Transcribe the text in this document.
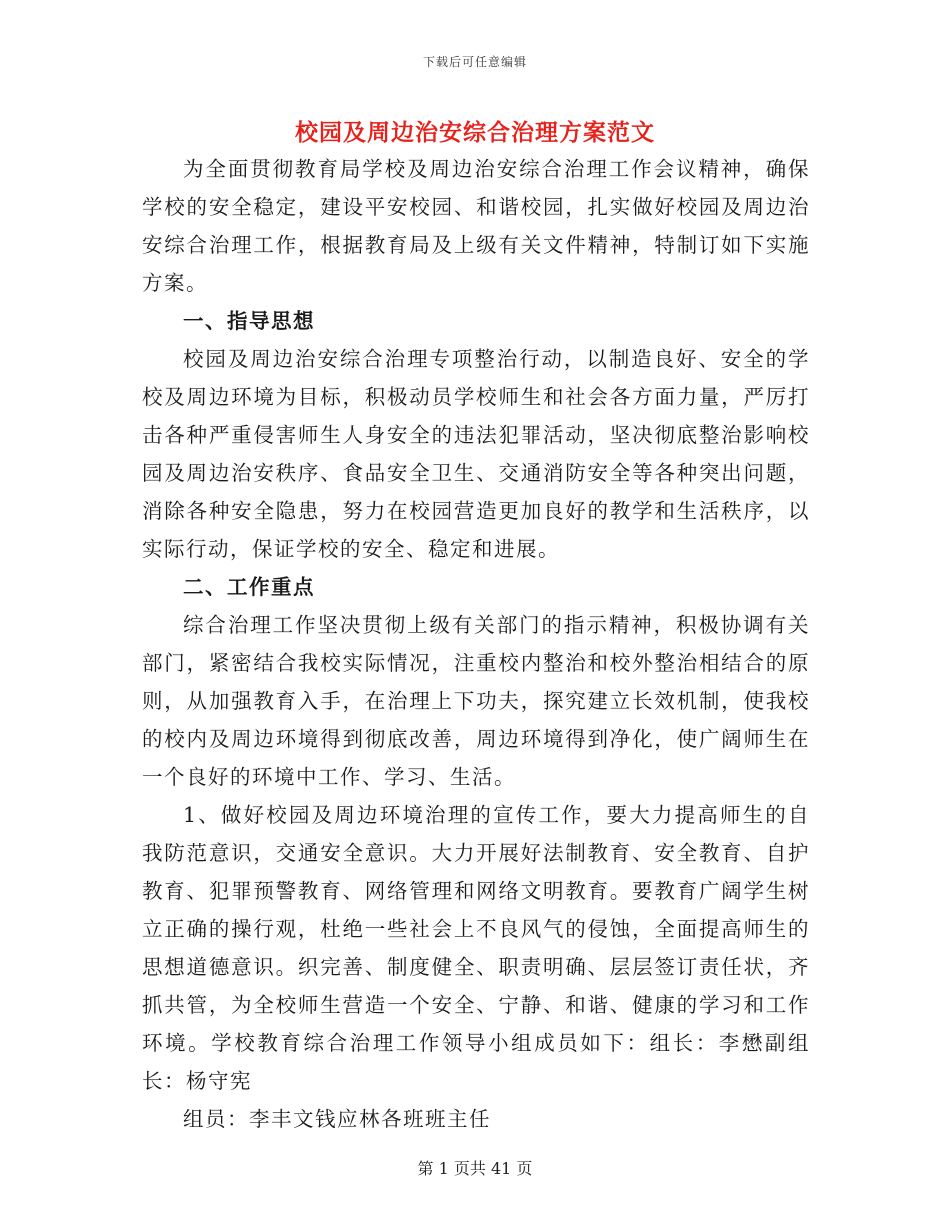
下载后可任意编辑
校园及周边治安综合治理方案范文

为全面贯彻教育局学校及周边治安综合治理工作会议精神，确保学校的安全稳定，建设平安校园、和谐校园，扎实做好校园及周边治安综合治理工作，根据教育局及上级有关文件精神，特制订如下实施方案。

一、指导思想

校园及周边治安综合治理专项整治行动，以制造良好、安全的学校及周边环境为目标，积极动员学校师生和社会各方面力量，严厉打击各种严重侵害师生人身安全的违法犯罪活动，坚决彻底整治影响校园及周边治安秩序、食品安全卫生、交通消防安全等各种突出问题，消除各种安全隐患，努力在校园营造更加良好的教学和生活秩序，以实际行动，保证学校的安全、稳定和进展。

二、工作重点

综合治理工作坚决贯彻上级有关部门的指示精神，积极协调有关部门，紧密结合我校实际情况，注重校内整治和校外整治相结合的原则，从加强教育入手，在治理上下功夫，探究建立长效机制，使我校的校内及周边环境得到彻底改善，周边环境得到净化，使广阔师生在一个良好的环境中工作、学习、生活。

1、做好校园及周边环境治理的宣传工作，要大力提高师生的自我防范意识，交通安全意识。大力开展好法制教育、安全教育、自护教育、犯罪预警教育、网络管理和网络文明教育。要教育广阔学生树立正确的操行观，杜绝一些社会上不良风气的侵蚀，全面提高师生的思想道德意识。织完善、制度健全、职责明确、层层签订责任状，齐抓共管，为全校师生营造一个安全、宁静、和谐、健康的学习和工作环境。学校教育综合治理工作领导小组成员如下：组长：李懋副组长：杨守宪

组员：李丰文钱应林各班班主任

第 1 页共 41 页
